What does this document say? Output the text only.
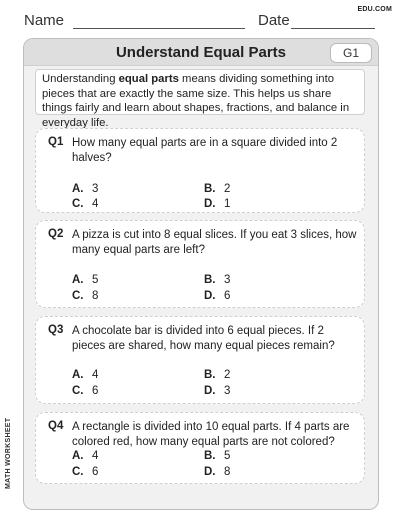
Name	Date
EDU.COM
Understand Equal Parts	G1
Understanding equal parts means dividing something into pieces that are exactly the same size. This helps us share things fairly and learn about shapes, fractions, and balance in everyday life.
Q1 How many equal parts are in a square divided into 2 halves?
A. 3	B. 2
C. 4	D. 1
Q2 A pizza is cut into 8 equal slices. If you eat 3 slices, how many equal parts are left?
A. 5	B. 3
C. 8	D. 6
Q3 A chocolate bar is divided into 6 equal pieces. If 2 pieces are shared, how many equal pieces remain?
A. 4	B. 2
C. 6	D. 3
Q4 A rectangle is divided into 10 equal parts. If 4 parts are colored red, how many equal parts are not colored?
A. 4	B. 5
C. 6	D. 8
MATH WORKSHEET
